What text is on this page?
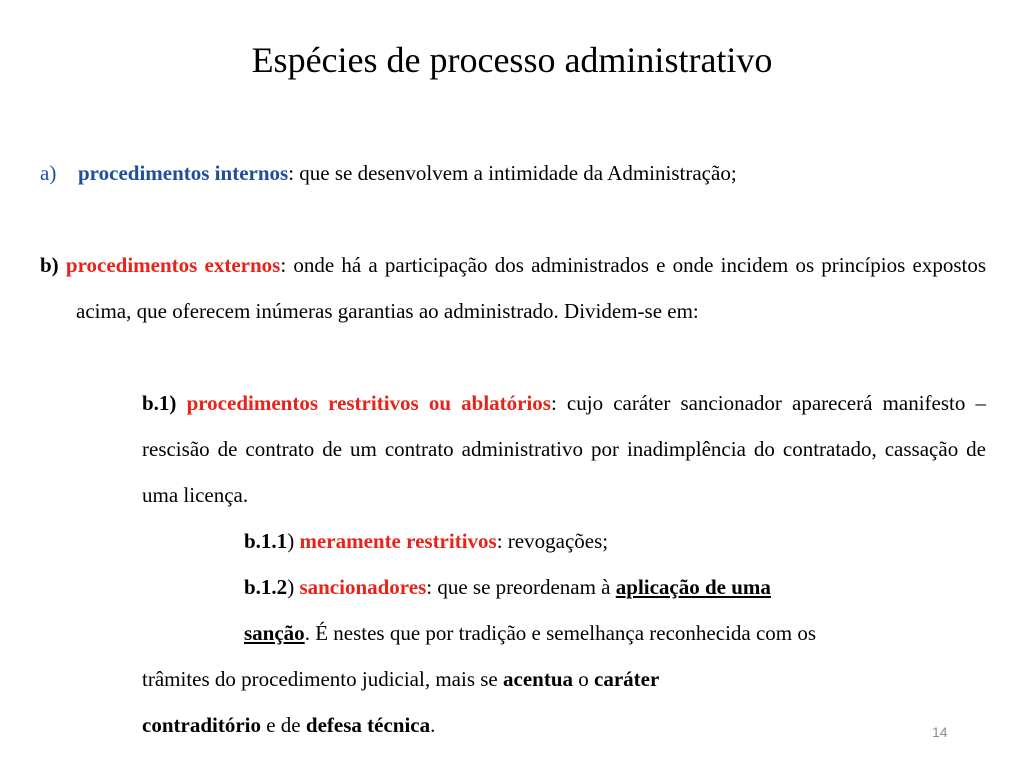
Espécies de processo administrativo
a) procedimentos internos: que se desenvolvem a intimidade da Administração;
b) procedimentos externos: onde há a participação dos administrados e onde incidem os princípios expostos acima, que oferecem inúmeras garantias ao administrado. Dividem-se em:
b.1) procedimentos restritivos ou ablatórios: cujo caráter sancionador aparecerá manifesto – rescisão de contrato de um contrato administrativo por inadimplência do contratado, cassação de uma licença.
b.1.1) meramente restritivos: revogações;
b.1.2) sancionadores: que se preordenam à aplicação de uma
sanção. É nestes que por tradição e semelhança reconhecida com os
trâmites do procedimento judicial, mais se acentua o caráter
contraditório e de defesa técnica.	14
